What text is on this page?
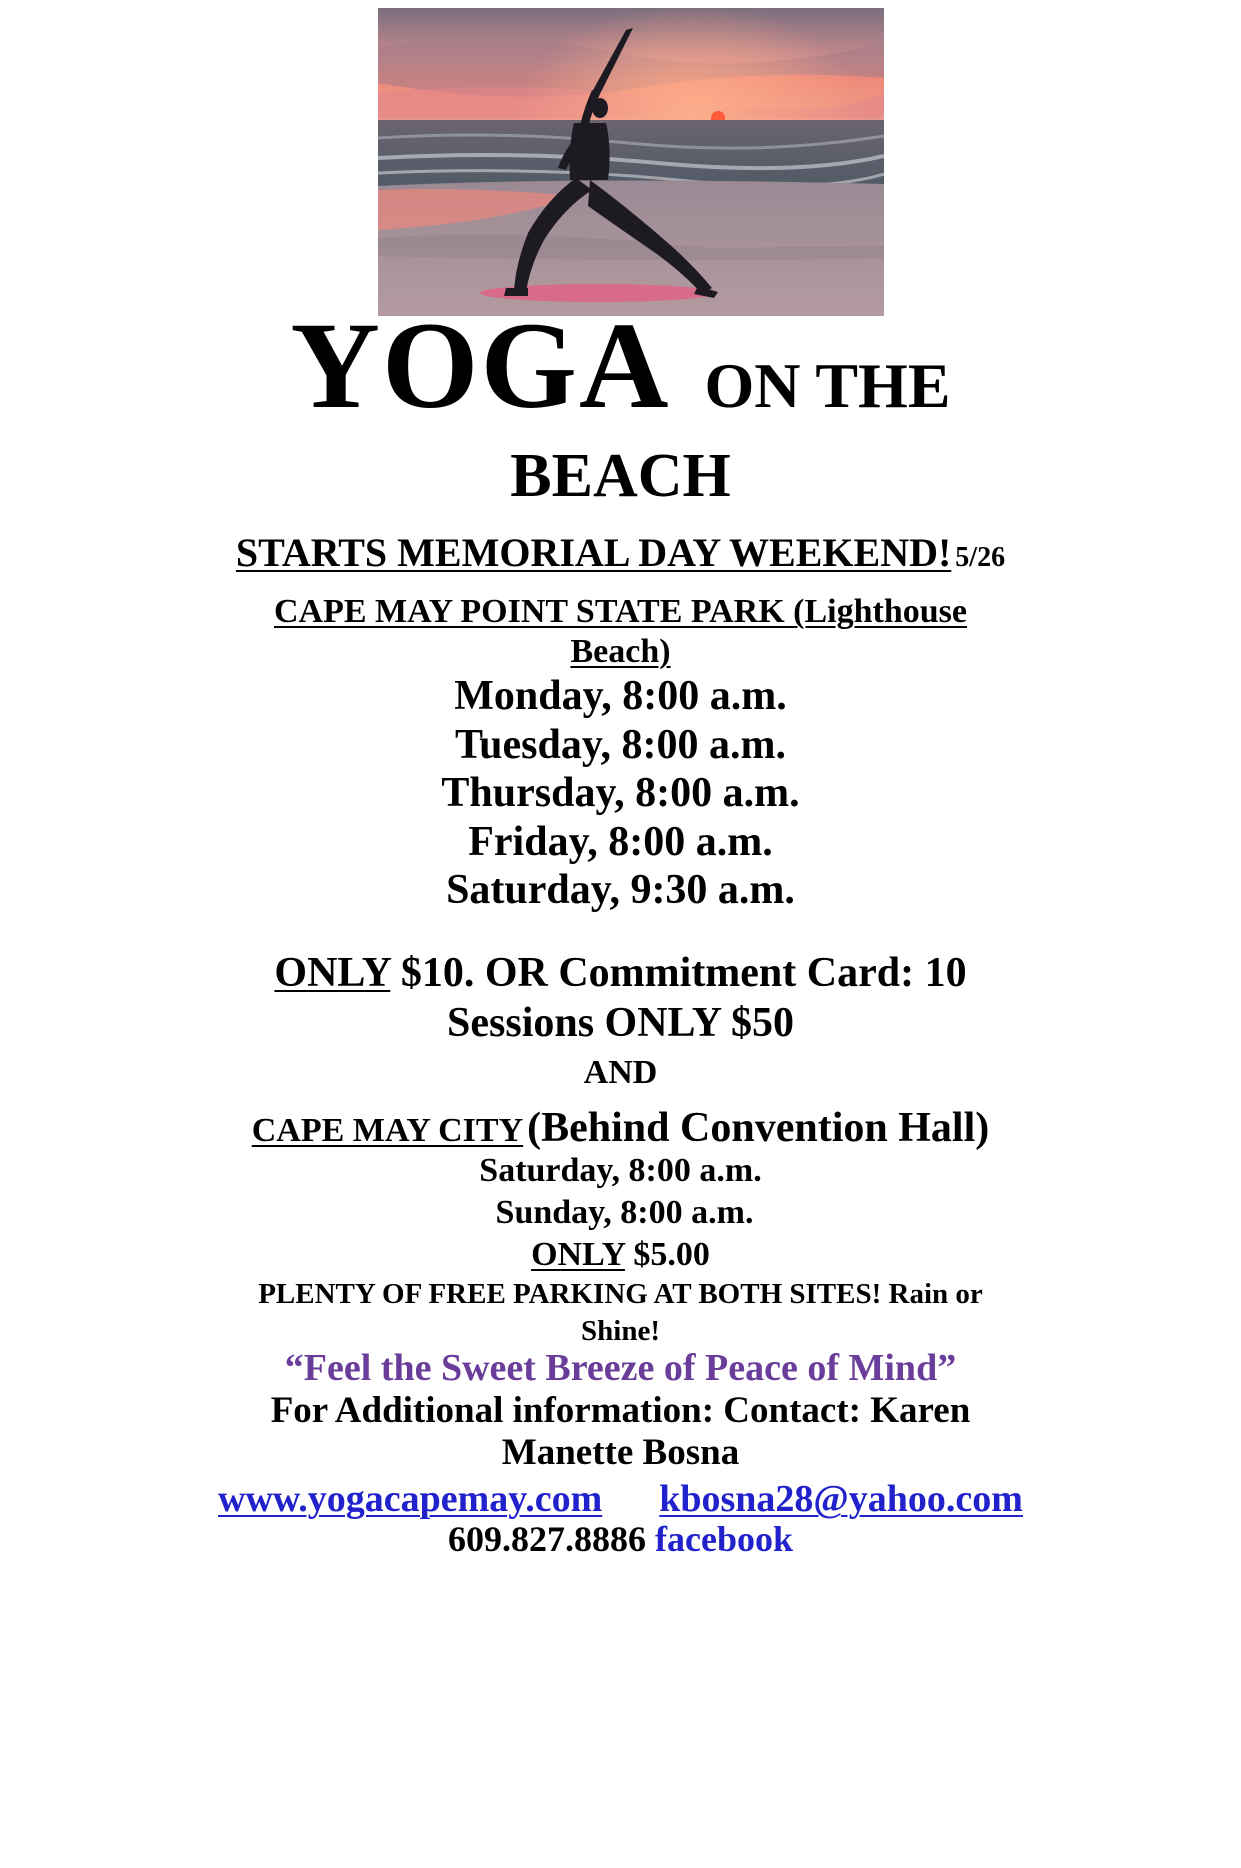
YOGA ON THE
BEACH
STARTS MEMORIAL DAY WEEKEND! 5/26
CAPE MAY POINT STATE PARK (Lighthouse
Beach)
Monday, 8:00 a.m.
Tuesday, 8:00 a.m.
Thursday, 8:00 a.m.
Friday, 8:00 a.m.
Saturday, 9:30 a.m.
ONLY $10. OR Commitment Card: 10
Sessions ONLY $50
AND
CAPE MAY CITY (Behind Convention Hall)
Saturday, 8:00 a.m.
Sunday, 8:00 a.m.
ONLY $5.00
PLENTY OF FREE PARKING AT BOTH SITES! Rain or
Shine!
“Feel the Sweet Breeze of Peace of Mind”
For Additional information: Contact: Karen
Manette Bosna
www.yogacapemay.com kbosna28@yahoo.com
609.827.8886 facebook
